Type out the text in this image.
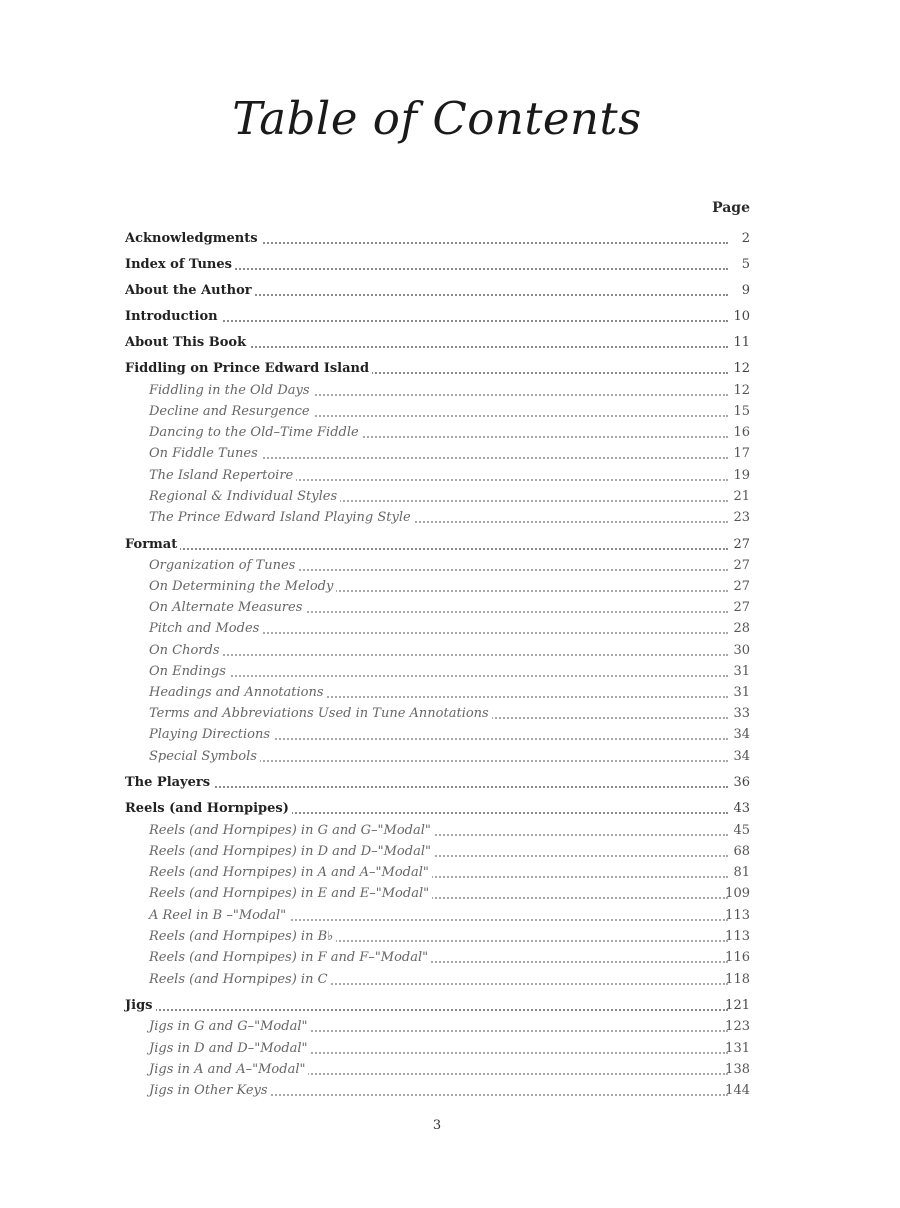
Table of Contents
Page
Acknowledgments	2
Index of Tunes	5
About the Author	9
Introduction	10
About This Book	11
Fiddling on Prince Edward Island	12
Fiddling in the Old Days	12
Decline and Resurgence	15
Dancing to the Old–Time Fiddle	16
On Fiddle Tunes	17
The Island Repertoire	19
Regional & Individual Styles	21
The Prince Edward Island Playing Style	23
Format	27
Organization of Tunes	27
On Determining the Melody	27
On Alternate Measures	27
Pitch and Modes	28
On Chords	30
On Endings	31
Headings and Annotations	31
Terms and Abbreviations Used in Tune Annotations	33
Playing Directions	34
Special Symbols	34
The Players	36
Reels (and Hornpipes)	43
Reels (and Hornpipes) in G and G–"Modal"	45
Reels (and Hornpipes) in D and D–"Modal"	68
Reels (and Hornpipes) in A and A–"Modal"	81
Reels (and Hornpipes) in E and E–"Modal"	109
A Reel in B –"Modal"	113
Reels (and Hornpipes) in B♭	113
Reels (and Hornpipes) in F and F–"Modal"	116
Reels (and Hornpipes) in C	118
Jigs	121
Jigs in G and G–"Modal"	123
Jigs in D and D–"Modal"	131
Jigs in A and A–"Modal"	138
Jigs in Other Keys	144
3
